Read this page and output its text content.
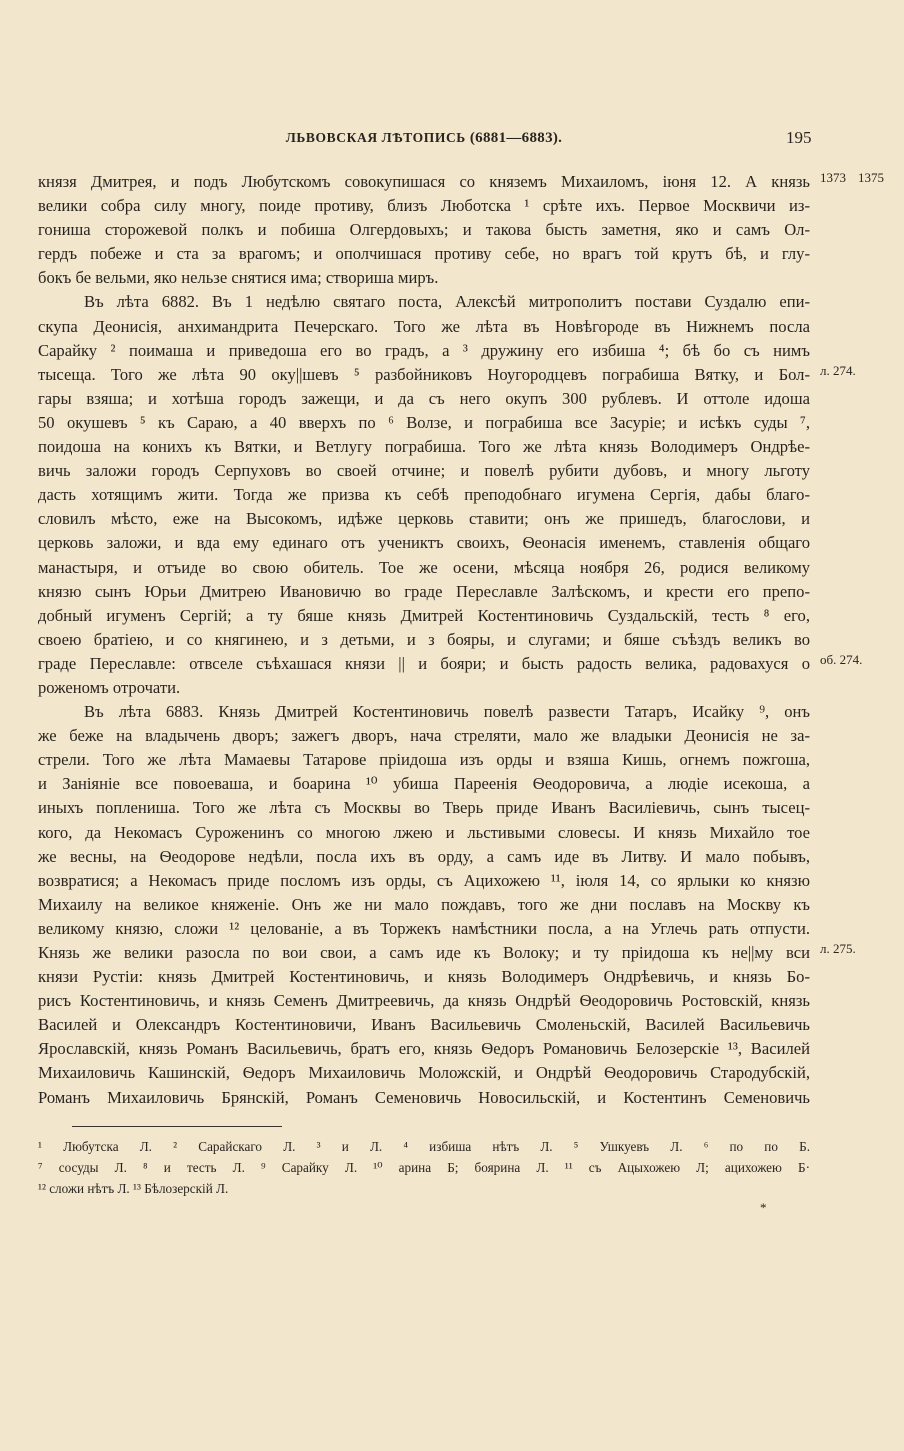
ЛЬВОВСКАЯ ЛѢТОПИСЬ (6881—6883).	195
1373 1375
л. 274.
об. 274.
л. 275.
князя Дмитрея, и подъ Любутскомъ совокупишася со княземъ Михаиломъ, іюня 12. А князь
велики собра силу многу, поиде противу, близъ Люботска ¹ срѣте ихъ. Первое Москвичи из-
гониша сторожевой полкъ и побиша Олгердовыхъ; и такова бысть заметня, яко и самъ Ол-
гердъ побеже и ста за врагомъ; и ополчишася противу себе, но врагъ той крутъ бѣ, и глу-
бокъ бе вельми, яко нельзе снятися има; створиша миръ.
Въ лѣта 6882. Въ 1 недѣлю святаго поста, Алексѣй митрополитъ постави Суздалю епи-
скупа Деонисія, анхимандрита Печерскаго. Того же лѣта въ Новѣгороде въ Нижнемъ посла
Сарайку ² поимаша и приведоша его во градъ, а ³ дружину его избиша ⁴; бѣ бо съ нимъ
тысеща. Того же лѣта 90 оку||шевъ ⁵ разбойниковъ Ноугородцевъ пограбиша Вятку, и Бол-
гары взяша; и хотѣша городъ зажещи, и да съ него окупъ 300 рублевъ. И оттоле идоша
50 окушевъ ⁵ къ Сараю, а 40 вверхъ по ⁶ Волзе, и пограбиша все Засуріе; и исѣкъ суды ⁷,
поидоша на конихъ къ Вятки, и Ветлугу пограбиша. Того же лѣта князь Володимеръ Ондрѣе-
вичь заложи городъ Серпуховъ во своей отчине; и повелѣ рубити дубовъ, и многу льготу
дасть хотящимъ жити. Тогда же призва къ себѣ преподобнаго игумена Сергія, дабы благо-
словилъ мѣсто, еже на Высокомъ, идѣже церковь ставити; онъ же пришедъ, благослови, и
церковь заложи, и вда ему единаго отъ учениктъ своихъ, Ѳеонасія именемъ, ставленія общаго
манастыря, и отъиде во свою обитель. Тое же осени, мѣсяца ноября 26, родися великому
князю сынъ Юрьи Дмитрею Ивановичю во граде Переславле Залѣскомъ, и крести его препо-
добный игуменъ Сергій; а ту бяше князь Дмитрей Костентиновичь Суздальскій, тесть ⁸ его,
своею братіею, и со княгинею, и з детьми, и з бояры, и слугами; и бяше съѣздъ великъ во
граде Переславле: отвселе съѣхашася князи || и бояри; и бысть радость велика, радовахуся о
роженомъ отрочати.
Въ лѣта 6883. Князь Дмитрей Костентиновичь повелѣ развести Татаръ, Исайку ⁹, онъ
же беже на владычень дворъ; зажегъ дворъ, нача стреляти, мало же владыки Деонисія не за-
стрели. Того же лѣта Мамаевы Татарове пріидоша изъ орды и взяша Кишь, огнемъ пожгоша,
и Заніяніе все повоеваша, и боарина ¹⁰ убиша Пареенія Ѳеодоровича, а людіе исекоша, а
иныхъ поплениша. Того же лѣта съ Москвы во Тверь приде Иванъ Василіевичь, сынъ тысец-
кого, да Некомасъ Суроженинъ со многою лжею и льстивыми словесы. И князь Михайло тое
же весны, на Ѳеодорове недѣли, посла ихъ въ орду, а самъ иде въ Литву. И мало побывъ,
возвратися; а Некомасъ приде посломъ изъ орды, съ Ацихожею ¹¹, іюля 14, со ярлыки ко князю
Михаилу на великое княженіе. Онъ же ни мало пождавъ, того же дни пославъ на Москву къ
великому князю, сложи ¹² целованіе, а въ Торжекъ намѣстники посла, а на Углечь рать отпусти.
Князь же велики разосла по вои свои, а самъ иде къ Волоку; и ту пріидоша къ не||му вси
князи Рустіи: князь Дмитрей Костентиновичь, и князь Володимеръ Ондрѣевичь, и князь Бо-
рисъ Костентиновичь, и князь Семенъ Дмитреевичь, да князь Ондрѣй Ѳеодоровичь Ростовскій, князь
Василей и Олександръ Костентиновичи, Иванъ Васильевичь Смоленьскій, Василей Васильевичь
Ярославскій, князь Романъ Васильевичь, братъ его, князь Ѳедоръ Романовичь Белозерскіе ¹³, Василей
Михаиловичь Кашинскій, Ѳедоръ Михаиловичь Моложскій, и Ондрѣй Ѳеодоровичь Стародубскій,
Романъ Михаиловичь Брянскій, Романъ Семеновичь Новосильскій, и Костентинъ Семеновичь
¹ Любутска Л. ² Сарайскаго Л. ³ и Л. ⁴ избиша нѣтъ Л. ⁵ Ушкуевъ Л. ⁶ по по Б.
⁷ сосуды Л. ⁸ и тесть Л. ⁹ Сарайку Л. ¹⁰ арина Б; боярина Л. ¹¹ съ Ацыхожею Л; ацихожею Б·
¹² сложи нѣтъ Л. ¹³ Бѣлозерскій Л.
*
